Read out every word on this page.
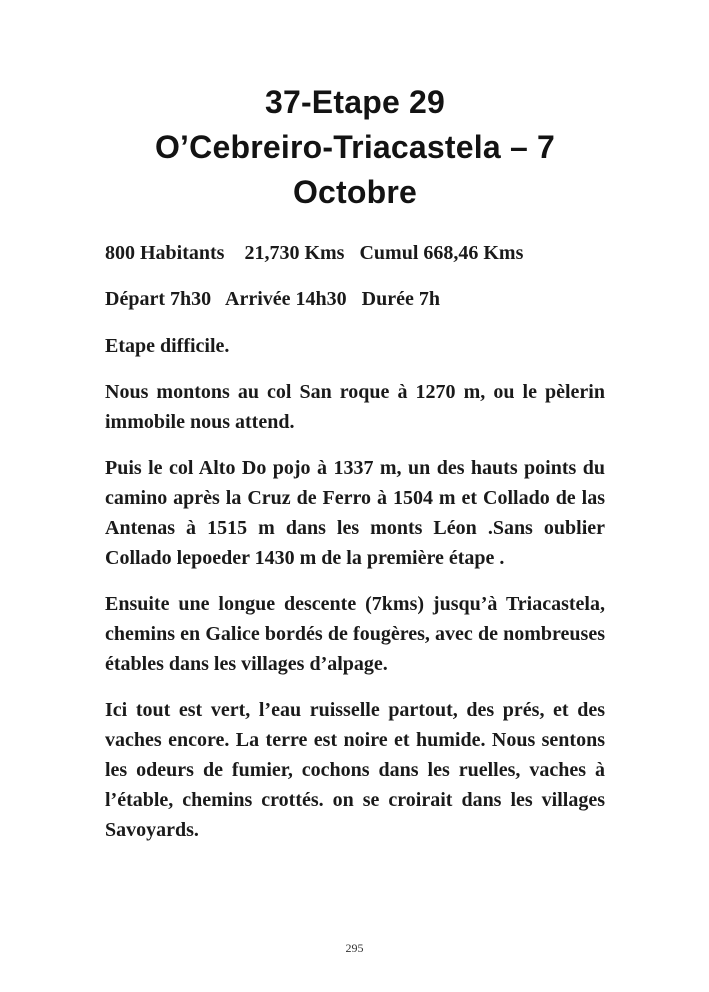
37-Etape 29
O’Cebreiro-Triacastela – 7
Octobre

800 Habitants    21,730 Kms   Cumul 668,46 Kms

Départ 7h30   Arrivée 14h30   Durée 7h

Etape difficile.

Nous montons au col San roque à 1270 m, ou le pèlerin immobile nous attend.

Puis le col Alto Do pojo à 1337 m, un des hauts points du camino après la Cruz de Ferro à 1504 m et Collado de las Antenas à 1515 m dans les monts Léon .Sans oublier Collado lepoeder 1430 m de la première étape .

Ensuite une longue descente (7kms) jusqu’à Triacastela, chemins en Galice bordés de fougères, avec de nombreuses étables dans les villages d’alpage.

Ici tout est vert, l’eau ruisselle partout, des prés, et des vaches encore. La terre est noire et humide. Nous sentons les odeurs de fumier, cochons dans les ruelles, vaches à l’étable, chemins crottés. on se croirait dans les villages Savoyards.

295
